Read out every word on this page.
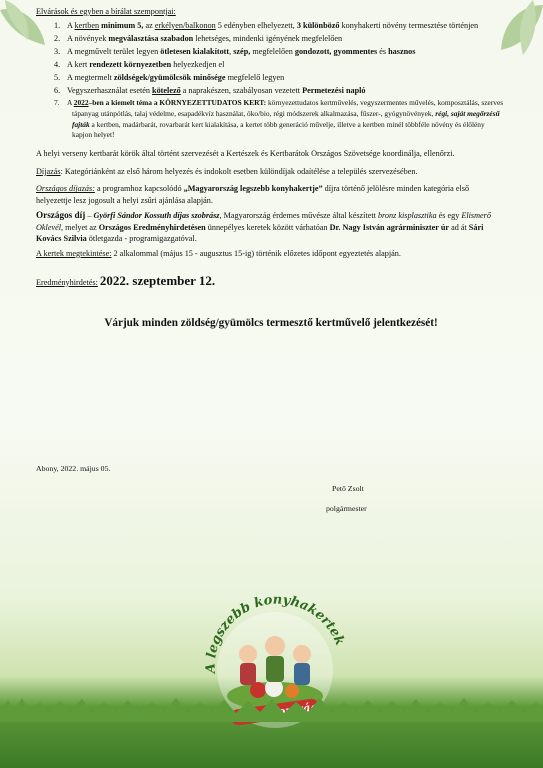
Elvárások és egyben a bírálat szempontjai:

1. A kertben minimum 5, az erkélyen/balkonon 5 edényben elhelyezett, 3 különböző konyhakerti növény termesztése történjen
2. A növények megválasztása szabadon lehetséges, mindenki igényének megfelelően
3. A megművelt terület legyen ötletesen kialakított, szép, megfelelően gondozott, gyommentes és hasznos
4. A kert rendezett környezetben helyezkedjen el
5. A megtermelt zöldségek/gyümölcsök minősége megfelelő legyen
6. Vegyszerhasználat esetén kötelező a naprakészen, szabályosan vezetett Permetezési napló
7. A 2022–ben a kiemelt téma a KÖRNYEZETTUDATOS KERT: környezettudatos kertművelés, vegyszermentes művelés, komposztálás, szerves tápanyag utánpótlás, talaj védelme, esapadékvíz használat, öko/bio, régi módszerek alkalmazása, fűszer-, gyógynövények, régi, saját megőrzésű fajták a kertben, madárbarát, rovarbarát kert kialakítása, a kertet több generáció művelje, illetve a kertben minél többféle növény és élőlény kapjon helyet!

A helyi verseny kertbarát körök által történt szervezését a Kertészek és Kertbarátok Országos Szövetsége koordinálja, ellenőrzi.

Díjazás: Kategóriánként az első három helyezés és indokolt esetben különdíjak odaítélése a település szervezésében.

Országos díjazás: a programhoz kapcsolódó „Magyarország legszebb konyhakertje” díjra történő jelölésre minden kategória első helyezettje lesz jogosult a helyi zsűri ajánlása alapján.

Országos díj – Györfi Sándor Kossuth díjas szobrász, Magyarország érdemes művésze által készített bronz kisplasztika és egy Elismerő Oklevél, melyet az Országos Eredményhirdetésen ünnepélyes keretek között várhatóan Dr. Nagy István agrárminiszter úr ad át Sári Kovács Szilvia ötletgazda - programigazgatóval.

A kertek megtekintése: 2 alkalommal (május 15 - augusztus 15-ig) történik előzetes időpont egyeztetés alapján.

Eredményhirdetés: 2022. szeptember 12.

Várjuk minden zöldség/gyümölcs termesztő kertművelő jelentkezését!

Abony, 2022. május 05.
Pető Zsolt
polgármester
A legszebb konyhakertek
